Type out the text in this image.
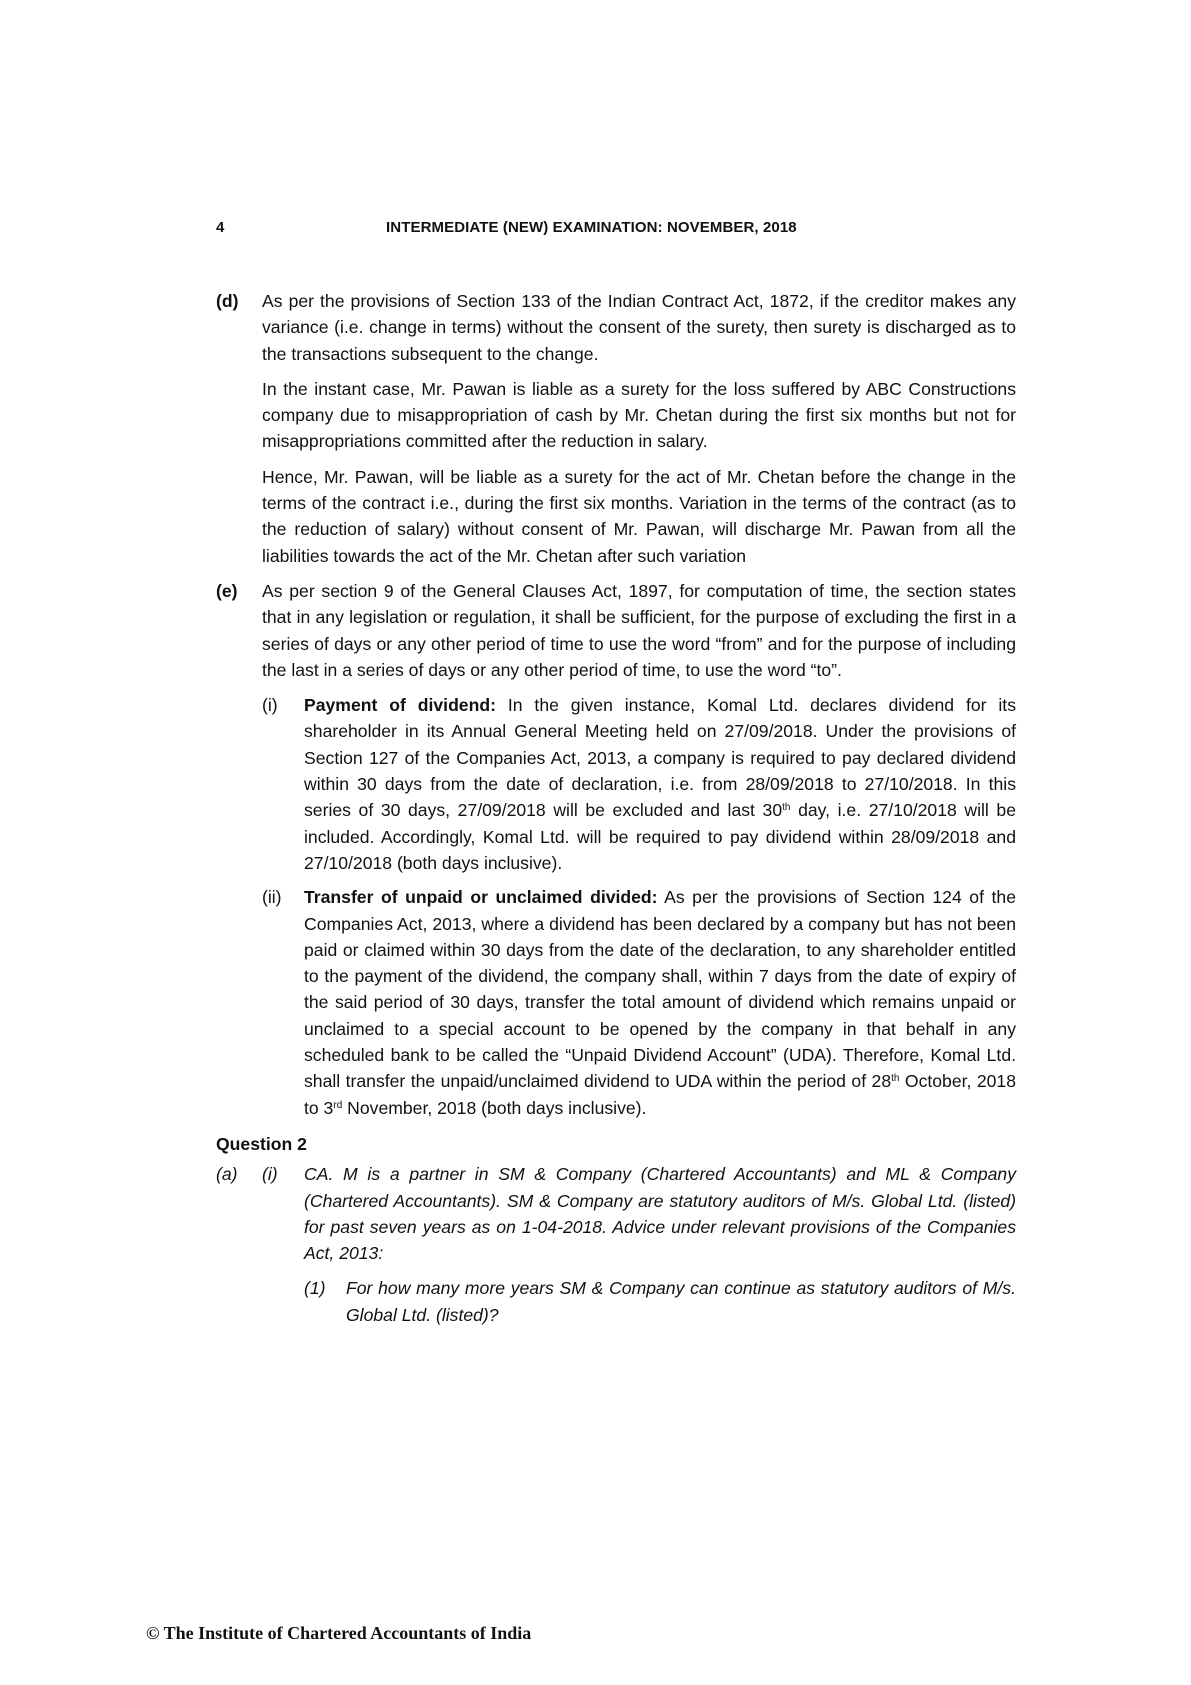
4	INTERMEDIATE (NEW) EXAMINATION: NOVEMBER, 2018
(d) As per the provisions of Section 133 of the Indian Contract Act, 1872, if the creditor makes any variance (i.e. change in terms) without the consent of the surety, then surety is discharged as to the transactions subsequent to the change.

In the instant case, Mr. Pawan is liable as a surety for the loss suffered by ABC Constructions company due to misappropriation of cash by Mr. Chetan during the first six months but not for misappropriations committed after the reduction in salary.

Hence, Mr. Pawan, will be liable as a surety for the act of Mr. Chetan before the change in the terms of the contract i.e., during the first six months. Variation in the terms of the contract (as to the reduction of salary) without consent of Mr. Pawan, will discharge Mr. Pawan from all the liabilities towards the act of the Mr. Chetan after such variation

(e) As per section 9 of the General Clauses Act, 1897, for computation of time, the section states that in any legislation or regulation, it shall be sufficient, for the purpose of excluding the first in a series of days or any other period of time to use the word “from” and for the purpose of including the last in a series of days or any other period of time, to use the word “to”.

(i) Payment of dividend: In the given instance, Komal Ltd. declares dividend for its shareholder in its Annual General Meeting held on 27/09/2018. Under the provisions of Section 127 of the Companies Act, 2013, a company is required to pay declared dividend within 30 days from the date of declaration, i.e. from 28/09/2018 to 27/10/2018. In this series of 30 days, 27/09/2018 will be excluded and last 30th day, i.e. 27/10/2018 will be included. Accordingly, Komal Ltd. will be required to pay dividend within 28/09/2018 and 27/10/2018 (both days inclusive).

(ii) Transfer of unpaid or unclaimed divided: As per the provisions of Section 124 of the Companies Act, 2013, where a dividend has been declared by a company but has not been paid or claimed within 30 days from the date of the declaration, to any shareholder entitled to the payment of the dividend, the company shall, within 7 days from the date of expiry of the said period of 30 days, transfer the total amount of dividend which remains unpaid or unclaimed to a special account to be opened by the company in that behalf in any scheduled bank to be called the “Unpaid Dividend Account” (UDA). Therefore, Komal Ltd. shall transfer the unpaid/unclaimed dividend to UDA within the period of 28th October, 2018 to 3rd November, 2018 (both days inclusive).

Question 2
(a) (i) CA. M is a partner in SM & Company (Chartered Accountants) and ML & Company (Chartered Accountants). SM & Company are statutory auditors of M/s. Global Ltd. (listed) for past seven years as on 1-04-2018. Advice under relevant provisions of the Companies Act, 2013:

(1) For how many more years SM & Company can continue as statutory auditors of M/s. Global Ltd. (listed)?

© The Institute of Chartered Accountants of India
